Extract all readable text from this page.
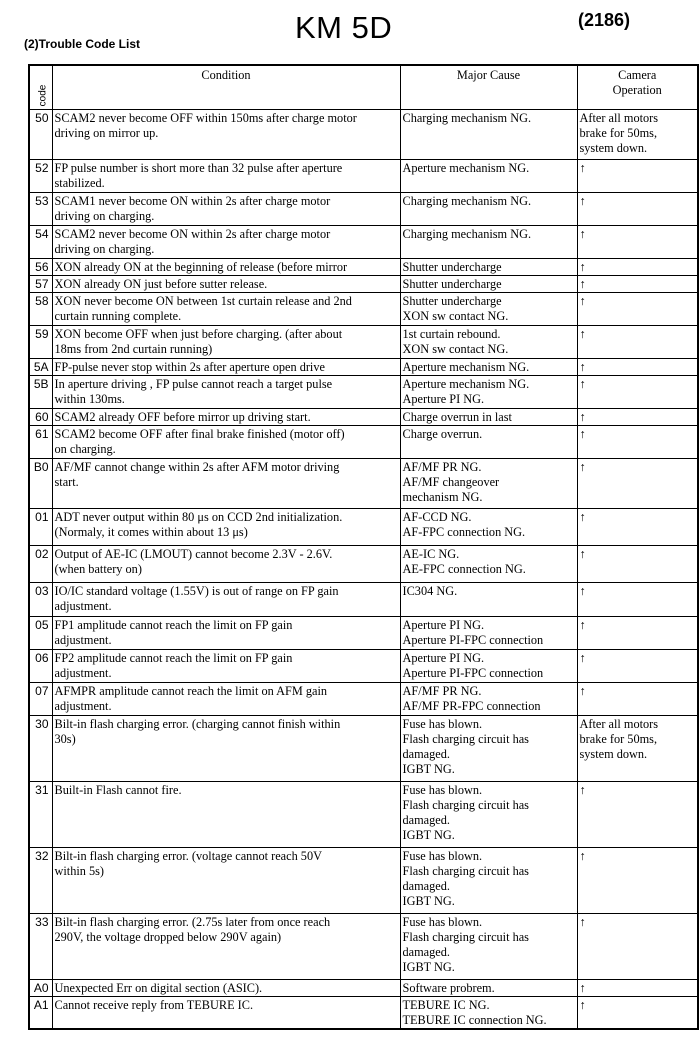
KM 5D	(2186)
(2)Trouble Code List
code	Condition	Major Cause	Camera
Operation
50	SCAM2 never become OFF within 150ms after charge motor
driving on mirror up.	Charging mechanism NG.	After all motors
brake for 50ms,
system down.
52	FP pulse number is short more than 32 pulse after aperture
stabilized.	Aperture mechanism NG.	↑
53	SCAM1 never become ON within 2s after charge motor
driving on charging.	Charging mechanism NG.	↑
54	SCAM2 never become ON within 2s after charge motor
driving on charging.	Charging mechanism NG.	↑
56	XON already ON at the beginning of release (before mirror	Shutter undercharge	↑
57	XON already ON just before sutter release.	Shutter undercharge	↑
58	XON never become ON between 1st curtain release and 2nd
curtain running complete.	Shutter undercharge
XON sw contact NG.	↑
59	XON become OFF when just before charging. (after about
18ms from 2nd curtain running)	1st curtain rebound.
XON sw contact NG.	↑
5A	FP-pulse never stop within 2s after aperture open drive	Aperture mechanism NG.	↑
5B	In aperture driving , FP pulse cannot reach a target pulse
within 130ms.	Aperture mechanism NG.
Aperture PI NG.	↑
60	SCAM2 already OFF before mirror up driving start.	Charge overrun in last	↑
61	SCAM2 become OFF after final brake finished (motor off)
on charging.	Charge overrun.	↑
B0	AF/MF cannot change within 2s after AFM motor driving
start.	AF/MF PR NG.
AF/MF changeover
mechanism NG.	↑
01	ADT never output within 80 μs on CCD 2nd initialization.
(Normaly, it comes within about 13 μs)	AF-CCD NG.
AF-FPC connection NG.	↑
02	Output of AE-IC (LMOUT) cannot become 2.3V - 2.6V.
(when battery on)	AE-IC NG.
AE-FPC connection NG.	↑
03	IO/IC standard voltage (1.55V) is out of range on FP gain
adjustment.	IC304 NG.	↑
05	FP1 amplitude cannot reach the limit on FP gain
adjustment.	Aperture PI NG.
Aperture PI-FPC connection	↑
06	FP2 amplitude cannot reach the limit on FP gain
adjustment.	Aperture PI NG.
Aperture PI-FPC connection	↑
07	AFMPR amplitude cannot reach the limit on AFM gain
adjustment.	AF/MF PR NG.
AF/MF PR-FPC connection	↑
30	Bilt-in flash charging error. (charging cannot finish within
30s)	Fuse has blown.
Flash charging circuit has
damaged.
IGBT NG.	After all motors
brake for 50ms,
system down.
31	Built-in Flash cannot fire.	Fuse has blown.
Flash charging circuit has
damaged.
IGBT NG.	↑
32	Bilt-in flash charging error. (voltage cannot reach 50V
within 5s)	Fuse has blown.
Flash charging circuit has
damaged.
IGBT NG.	↑
33	Bilt-in flash charging error. (2.75s later from once reach
290V, the voltage dropped below 290V again)	Fuse has blown.
Flash charging circuit has
damaged.
IGBT NG.	↑
A0	Unexpected Err on digital section (ASIC).	Software probrem.	↑
A1	Cannot receive reply from TEBURE IC.	TEBURE IC NG.
TEBURE IC connection NG.	↑
